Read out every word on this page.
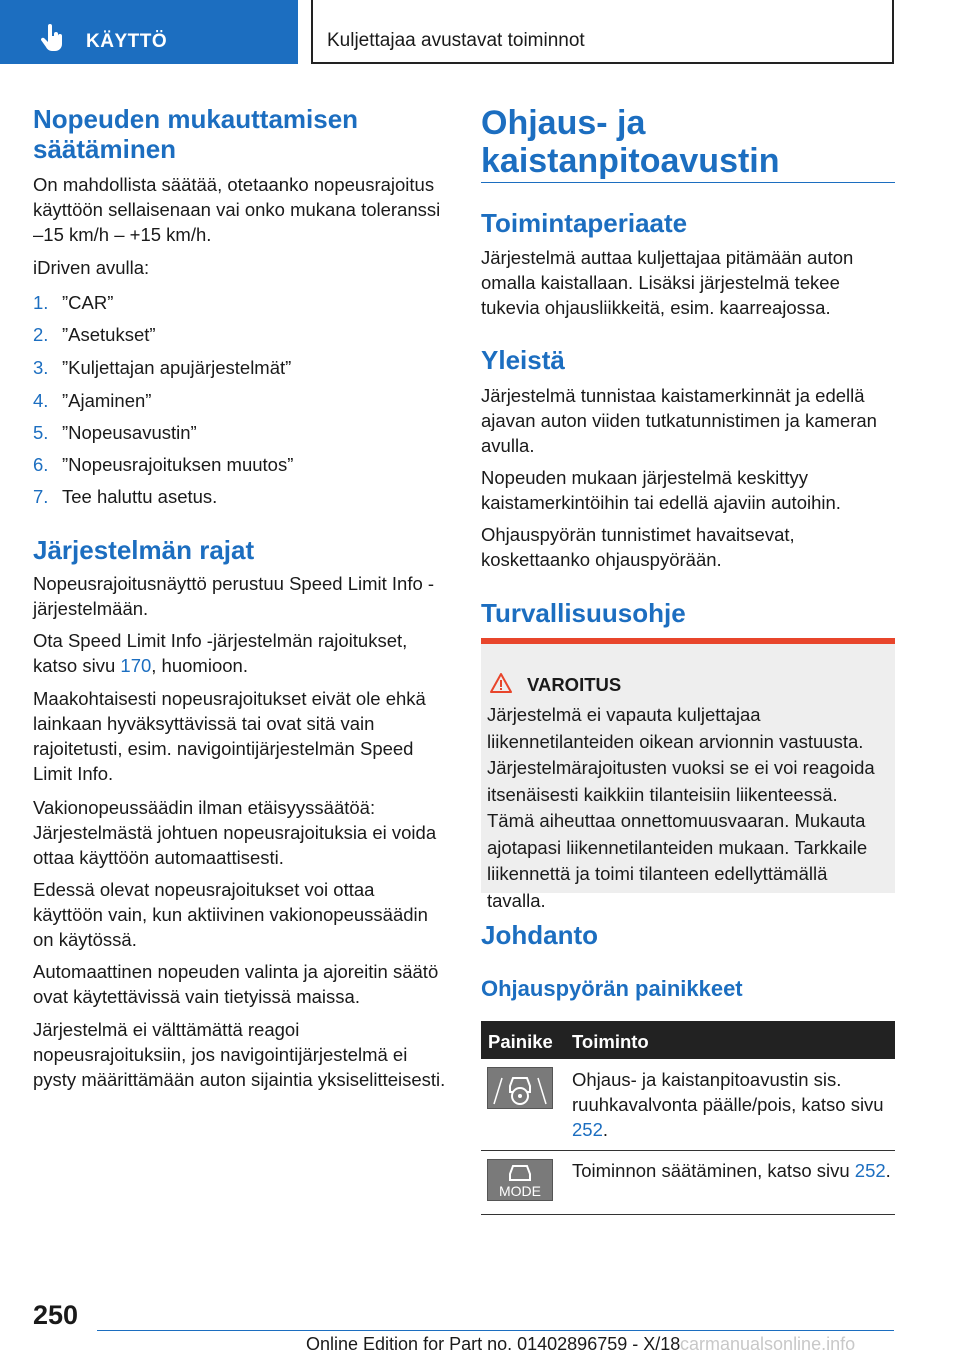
KÄYTTÖ	Kuljettajaa avustavat toiminnot
Nopeuden mukauttamisen säätäminen

On mahdollista säätää, otetaanko nopeusrajoitus käyttöön sellaisenaan vai onko mukana toleranssi –15 km/h – +15 km/h.

iDriven avulla:

1. ”CAR”
2. ”Asetukset”
3. ”Kuljettajan apujärjestelmät”
4. ”Ajaminen”
5. ”Nopeusavustin”
6. ”Nopeusrajoituksen muutos”
7. Tee haluttu asetus.
Järjestelmän rajat

Nopeusrajoitusnäyttö perustuu Speed Limit Info -järjestelmään.

Ota Speed Limit Info -järjestelmän rajoitukset, katso sivu 170, huomioon.

Maakohtaisesti nopeusrajoitukset eivät ole ehkä lainkaan hyväksyttävissä tai ovat sitä vain rajoitetusti, esim. navigointijärjestelmän Speed Limit Info.

Vakionopeussäädin ilman etäisyyssäätöä: Järjestelmästä johtuen nopeusrajoituksia ei voida ottaa käyttöön automaattisesti.

Edessä olevat nopeusrajoitukset voi ottaa käyttöön vain, kun aktiivinen vakionopeussäädin on käytössä.

Automaattinen nopeuden valinta ja ajoreitin säätö ovat käytettävissä vain tietyissä maissa.

Järjestelmä ei välttämättä reagoi nopeusrajoituksiin, jos navigointijärjestelmä ei pysty määrittämään auton sijaintia yksiselitteisesti.

Ohjaus- ja kaistanpitoavustin
Toimintaperiaate

Järjestelmä auttaa kuljettajaa pitämään auton omalla kaistallaan. Lisäksi järjestelmä tekee tukevia ohjausliikkeitä, esim. kaarreajossa.

Yleistä

Järjestelmä tunnistaa kaistamerkinnät ja edellä ajavan auton viiden tutkatunnistimen ja kameran avulla.

Nopeuden mukaan järjestelmä keskittyy kaistamerkintöihin tai edellä ajaviin autoihin.

Ohjauspyörän tunnistimet havaitsevat, koskettaanko ohjauspyörään.

Turvallisuusohje
Johdanto
Ohjauspyörän painikkeet
VAROITUS

Järjestelmä ei vapauta kuljettajaa liikennetilanteiden oikean arvionnin vastuusta. Järjestelmärajoitusten vuoksi se ei voi reagoida itsenäisesti kaikkiin tilanteisiin liikenteessä. Tämä aiheuttaa onnettomuusvaaran. Mukauta ajotapasi liikennetilanteiden mukaan. Tarkkaile liikennettä ja toimi tilanteen edellyttämällä tavalla.

Painike Toiminto

Ohjaus- ja kaistanpitoavustin sis. ruuhkavalvonta päälle/pois, katso sivu 252.

MODE

Toiminnon säätäminen, katso sivu 252.

250
Online Edition for Part no. 01402896759 - X/18 carmanualsonline.info
